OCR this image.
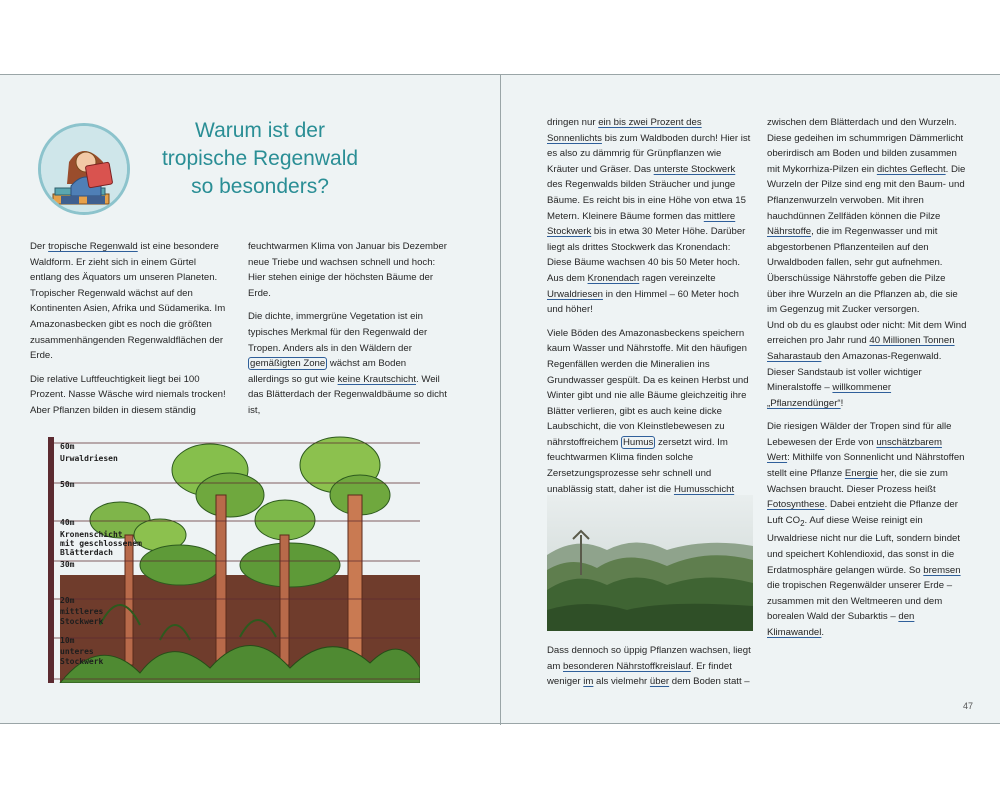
Warum ist der
tropische Regenwald
so besonders?

Der tropische Regenwald ist eine besondere Waldform. Er zieht sich in einem Gürtel entlang des Äquators um unseren Planeten. Tropischer Regenwald wächst auf den Kontinenten Asien, Afrika und Südamerika. Im Amazonasbecken gibt es noch die größten zusammenhängenden Regenwaldflächen der Erde.

Die relative Luftfeuchtigkeit liegt bei 100 Prozent. Nasse Wäsche wird niemals trocken! Aber Pflanzen bilden in diesem ständig

feuchtwarmen Klima von Januar bis Dezember neue Triebe und wachsen schnell und hoch: Hier stehen einige der höchsten Bäume der Erde.

Die dichte, immergrüne Vegetation ist ein typisches Merkmal für den Regenwald der Tropen. Anders als in den Wäldern der gemäßigten Zone wächst am Boden allerdings so gut wie keine Krautschicht. Weil das Blätterdach der Regenwaldbäume so dicht ist,

60m
Urwaldriesen
50m
40m
Kronenschicht
mit geschlossenem
Blätterdach
30m
20m
mittleres
Stockwerk
10m
unteres
Stockwerk

dringen nur ein bis zwei Prozent des Sonnenlichts bis zum Waldboden durch! Hier ist es also zu dämmrig für Grünpflanzen wie Kräuter und Gräser. Das unterste Stockwerk des Regenwalds bilden Sträucher und junge Bäume. Es reicht bis in eine Höhe von etwa 15 Metern. Kleinere Bäume formen das mittlere Stockwerk bis in etwa 30 Meter Höhe. Darüber liegt als drittes Stockwerk das Kronendach: Diese Bäume wachsen 40 bis 50 Meter hoch. Aus dem Kronendach ragen vereinzelte Urwaldriesen in den Himmel – 60 Meter hoch und höher!

Viele Böden des Amazonasbeckens speichern kaum Wasser und Nährstoffe. Mit den häufigen Regenfällen werden die Mineralien ins Grundwasser gespült. Da es keinen Herbst und Winter gibt und nie alle Bäume gleichzeitig ihre Blätter verlieren, gibt es auch keine dicke Laubschicht, die von Kleinstlebewesen zu nährstoffreichem Humus zersetzt wird. Im feuchtwarmen Klima finden solche Zersetzungsprozesse sehr schnell und unablässig statt, daher ist die Humusschicht

Dass dennoch so üppig Pflanzen wachsen, liegt am besonderen Nährstoffkreislauf. Er findet weniger im als vielmehr über dem Boden statt –

zwischen dem Blätterdach und den Wurzeln. Diese gedeihen im schummrigen Dämmerlicht oberirdisch am Boden und bilden zusammen mit Mykorrhiza-Pilzen ein dichtes Geflecht. Die Wurzeln der Pilze sind eng mit den Baum- und Pflanzenwurzeln verwoben. Mit ihren hauchdünnen Zellfäden können die Pilze Nährstoffe, die im Regenwasser und mit abgestorbenen Pflanzenteilen auf den Urwaldboden fallen, sehr gut aufnehmen. Überschüssige Nährstoffe geben die Pilze über ihre Wurzeln an die Pflanzen ab, die sie im Gegenzug mit Zucker versorgen.

Und ob du es glaubst oder nicht: Mit dem Wind erreichen pro Jahr rund 40 Millionen Tonnen Saharastaub den Amazonas-Regenwald. Dieser Sandstaub ist voller wichtiger Mineralstoffe – willkommener „Pflanzendünger“!

Die riesigen Wälder der Tropen sind für alle Lebewesen der Erde von unschätzbarem Wert: Mithilfe von Sonnenlicht und Nährstoffen stellt eine Pflanze Energie her, die sie zum Wachsen braucht. Dieser Prozess heißt Fotosynthese. Dabei entzieht die Pflanze der Luft $CO_2$. Auf diese Weise reinigt ein Urwaldriese nicht nur die Luft, sondern bindet und speichert Kohlendioxid, das sonst in die Erdatmosphäre gelangen würde. So bremsen die tropischen Regenwälder unserer Erde – zusammen mit den Weltmeeren und dem borealen Wald der Subarktis – den Klimawandel.

47
